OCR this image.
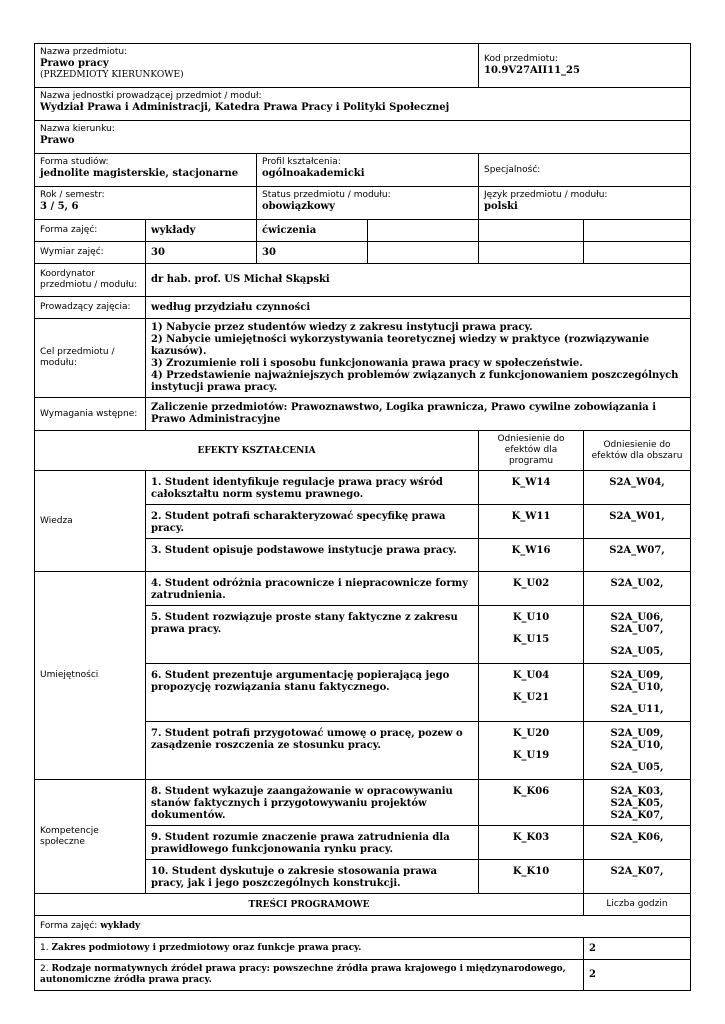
Nazwa przedmiotu:
Prawo pracy
(PRZEDMIOTY KIERUNKOWE)				Kod przedmiotu:
10.9V27AII11_25	

Nazwa jednostki prowadzącej przedmiot / moduł:
Wydział Prawa i Administracji, Katedra Prawa Pracy i Polityki Społecznej					

Nazwa kierunku:
Prawo					

Forma studiów:
jednolite magisterskie, stacjonarne		Profil kształcenia:
ogólnoakademicki		Specjalność:	

Rok / semestr:
3 / 5, 6		Status przedmiotu / modułu:
obowiązkowy		Język przedmiotu / modułu:
polski	

Forma zajęć:	wykłady	ćwiczenia			
Wymiar zajęć:	30	30			
Koordynator przedmiotu / modułu:	dr hab. prof. US Michał Skąpski				
Prowadzący zajęcia:	według przydziału czynności				
Cel przedmiotu / modułu:	1) Nabycie przez studentów wiedzy z zakresu instytucji prawa pracy.
2) Nabycie umiejętności wykorzystywania teoretycznej wiedzy w praktyce (rozwiązywanie kazusów).
3) Zrozumienie roli i sposobu funkcjonowania prawa pracy w społeczeństwie.
4) Przedstawienie najważniejszych problemów związanych z funkcjonowaniem poszczególnych instytucji prawa pracy.				

Wymagania wstępne:	Zaliczenie przedmiotów: Prawoznawstwo, Logika prawnicza, Prawo cywilne zobowiązania i Prawo Administracyjne				
EFEKTY KSZTAŁCENIA		Odniesienie do efektów dla programu	Odniesienie do efektów dla obszaru
Wiedza	1. Student identyfikuje regulacje prawa pracy wśród całokształtu norm systemu prawnego.	K_W14	S2A_W04,
	2. Student potrafi scharakteryzować specyfikę prawa pracy.	K_W11	S2A_W01,
	3. Student opisuje podstawowe instytucje prawa pracy.	K_W16	S2A_W07,
Umiejętności	4. Student odróżnia pracownicze i niepracownicze formy zatrudnienia.	K_U02	S2A_U02,
	5. Student rozwiązuje proste stany faktyczne z zakresu prawa pracy.	K_U10
K_U15	S2A_U06,
S2A_U07,
S2A_U05,

	6. Student prezentuje argumentację popierającą jego propozycję rozwiązania stanu faktycznego.	K_U04
K_U21	S2A_U09,
S2A_U10,
S2A_U11,

	7. Student potrafi przygotować umowę o pracę, pozew o zasądzenie roszczenia ze stosunku pracy.	K_U20
K_U19	S2A_U09,
S2A_U10,
S2A_U05,

Kompetencje społeczne	8. Student wykazuje zaangażowanie w opracowywaniu stanów faktycznych i przygotowywaniu projektów dokumentów.	K_K06	S2A_K03,
S2A_K05,
S2A_K07,

	9. Student rozumie znaczenie prawa zatrudnienia dla prawidłowego funkcjonowania rynku pracy.	K_K03	S2A_K06,
	10. Student dyskutuje o zakresie stosowania prawa pracy, jak i jego poszczególnych konstrukcji.	K_K10	S2A_K07,
TREŚCI PROGRAMOWE	Liczba godzin
Forma zajęć: wykłady	
1. Zakres podmiotowy i przedmiotowy oraz funkcje prawa pracy.	2
2. Rodzaje normatywnych źródeł prawa pracy: powszechne źródła prawa krajowego i międzynarodowego, autonomiczne źródła prawa pracy.	2
